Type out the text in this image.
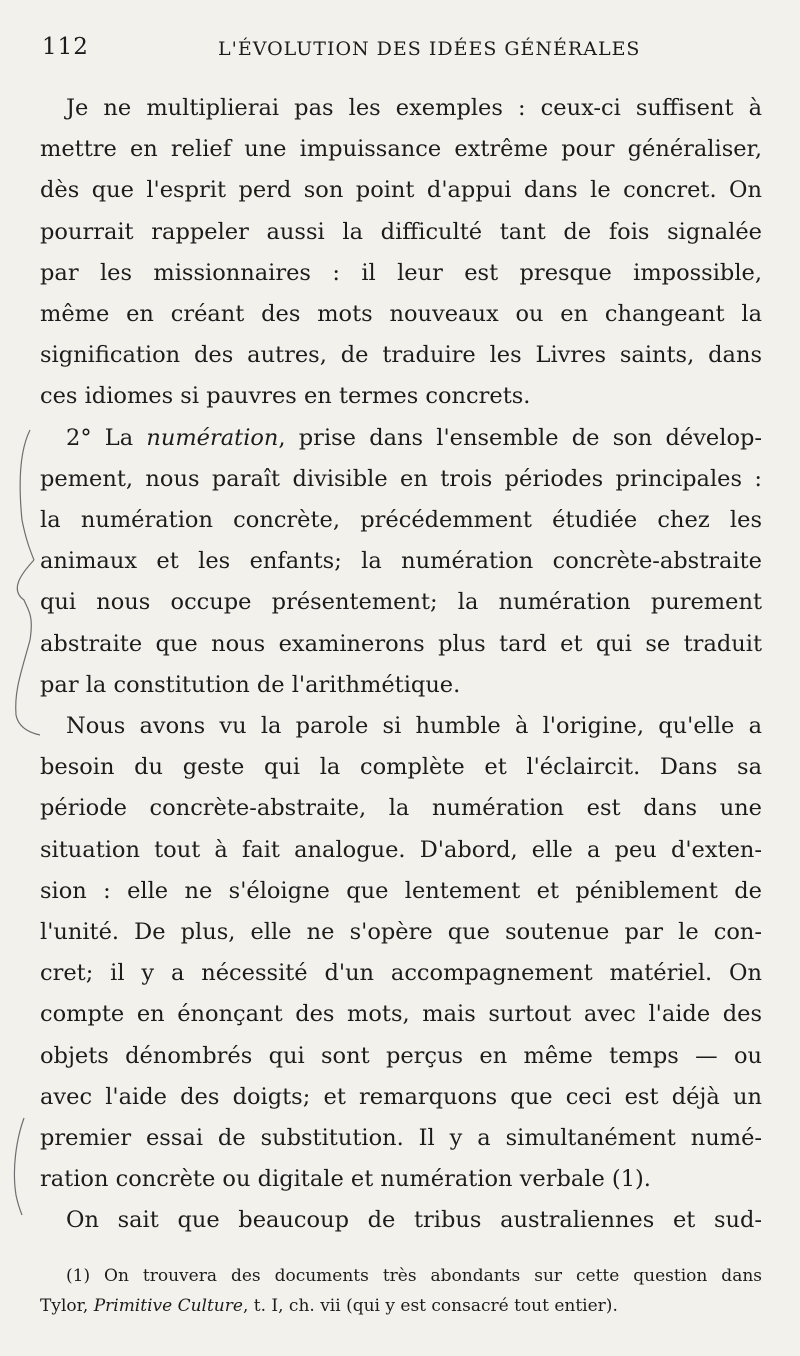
112	L'ÉVOLUTION DES IDÉES GÉNÉRALES
Je ne multiplierai pas les exemples : ceux-ci suffisent à
mettre en relief une impuissance extrême pour généraliser,
dès que l'esprit perd son point d'appui dans le concret. On
pourrait rappeler aussi la difficulté tant de fois signalée
par les missionnaires : il leur est presque impossible,
même en créant des mots nouveaux ou en changeant la
signification des autres, de traduire les Livres saints, dans
ces idiomes si pauvres en termes concrets.
2° La numération, prise dans l'ensemble de son dévelop-
pement, nous paraît divisible en trois périodes principales :
la numération concrète, précédemment étudiée chez les
animaux et les enfants; la numération concrète-abstraite
qui nous occupe présentement; la numération purement
abstraite que nous examinerons plus tard et qui se traduit
par la constitution de l'arithmétique.
Nous avons vu la parole si humble à l'origine, qu'elle a
besoin du geste qui la complète et l'éclaircit. Dans sa
période concrète-abstraite, la numération est dans une
situation tout à fait analogue. D'abord, elle a peu d'exten-
sion : elle ne s'éloigne que lentement et péniblement de
l'unité. De plus, elle ne s'opère que soutenue par le con-
cret; il y a nécessité d'un accompagnement matériel. On
compte en énonçant des mots, mais surtout avec l'aide des
objets dénombrés qui sont perçus en même temps — ou
avec l'aide des doigts; et remarquons que ceci est déjà un
premier essai de substitution. Il y a simultanément numé-
ration concrète ou digitale et numération verbale (1).
On sait que beaucoup de tribus australiennes et sud-
(1) On trouvera des documents très abondants sur cette question dans
Tylor, Primitive Culture, t. I, ch. vii (qui y est consacré tout entier).
